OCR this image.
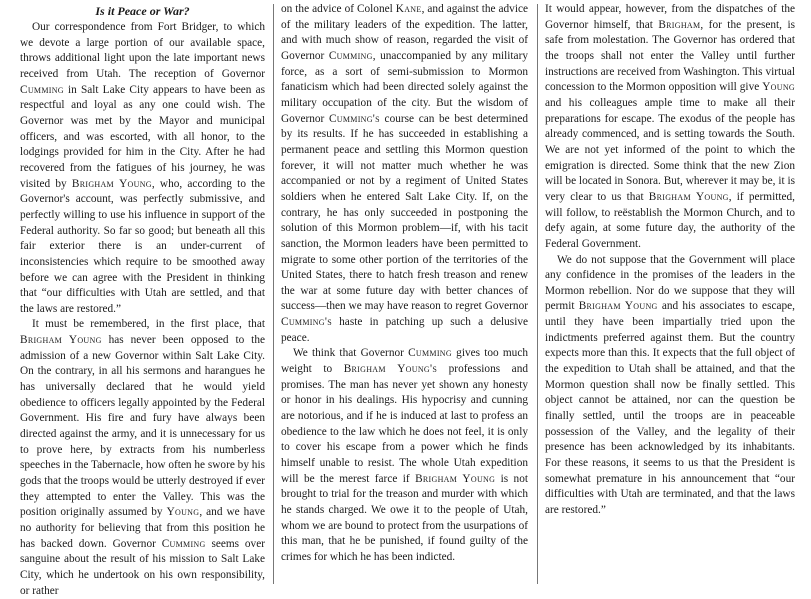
Is it Peace or War?

Our correspondence from Fort Bridger, to which we devote a large portion of our available space, throws additional light upon the late important news received from Utah. The reception of Governor Cumming in Salt Lake City appears to have been as respectful and loyal as any one could wish. The Governor was met by the Mayor and municipal officers, and was escorted, with all honor, to the lodgings provided for him in the City. After he had recovered from the fatigues of his journey, he was visited by Brigham Young, who, according to the Governor's account, was perfectly submissive, and perfectly willing to use his influence in support of the Federal authority. So far so good; but beneath all this fair exterior there is an under-current of inconsistencies which require to be smoothed away before we can agree with the President in thinking that “our difficulties with Utah are settled, and that the laws are restored.”

It must be remembered, in the first place, that Brigham Young has never been opposed to the admission of a new Governor within Salt Lake City. On the contrary, in all his sermons and harangues he has universally declared that he would yield obedience to officers legally appointed by the Federal Government. His fire and fury have always been directed against the army, and it is unnecessary for us to prove here, by extracts from his numberless speeches in the Tabernacle, how often he swore by his gods that the troops would be utterly destroyed if ever they attempted to enter the Valley. This was the position originally assumed by Young, and we have no authority for believing that from this position he has backed down. Governor Cumming seems over sanguine about the result of his mission to Salt Lake City, which he undertook on his own responsibility, or rather

on the advice of Colonel Kane, and against the advice of the military leaders of the expedition. The latter, and with much show of reason, regarded the visit of Governor Cumming, unaccompanied by any military force, as a sort of semi-submission to Mormon fanaticism which had been directed solely against the military occupation of the city. But the wisdom of Governor Cumming's course can be best determined by its results. If he has succeeded in establishing a permanent peace and settling this Mormon question forever, it will not matter much whether he was accompanied or not by a regiment of United States soldiers when he entered Salt Lake City. If, on the contrary, he has only succeeded in postponing the solution of this Mormon problem—if, with his tacit sanction, the Mormon leaders have been permitted to migrate to some other portion of the territories of the United States, there to hatch fresh treason and renew the war at some future day with better chances of success—then we may have reason to regret Governor Cumming's haste in patching up such a delusive peace.

We think that Governor Cumming gives too much weight to Brigham Young's professions and promises. The man has never yet shown any honesty or honor in his dealings. His hypocrisy and cunning are notorious, and if he is induced at last to profess an obedience to the law which he does not feel, it is only to cover his escape from a power which he finds himself unable to resist. The whole Utah expedition will be the merest farce if Brigham Young is not brought to trial for the treason and murder with which he stands charged. We owe it to the people of Utah, whom we are bound to protect from the usurpations of this man, that he be punished, if found guilty of the crimes for which he has been indicted.

It would appear, however, from the dispatches of the Governor himself, that Brigham, for the present, is safe from molestation. The Governor has ordered that the troops shall not enter the Valley until further instructions are received from Washington. This virtual concession to the Mormon opposition will give Young and his colleagues ample time to make all their preparations for escape. The exodus of the people has already commenced, and is setting towards the South. We are not yet informed of the point to which the emigration is directed. Some think that the new Zion will be located in Sonora. But, wherever it may be, it is very clear to us that Brigham Young, if permitted, will follow, to reëstablish the Mormon Church, and to defy again, at some future day, the authority of the Federal Government.

We do not suppose that the Government will place any confidence in the promises of the leaders in the Mormon rebellion. Nor do we suppose that they will permit Brigham Young and his associates to escape, until they have been impartially tried upon the indictments preferred against them. But the country expects more than this. It expects that the full object of the expedition to Utah shall be attained, and that the Mormon question shall now be finally settled. This object cannot be attained, nor can the question be finally settled, until the troops are in peaceable possession of the Valley, and the legality of their presence has been acknowledged by its inhabitants. For these reasons, it seems to us that the President is somewhat premature in his announcement that “our difficulties with Utah are terminated, and that the laws are restored.”
